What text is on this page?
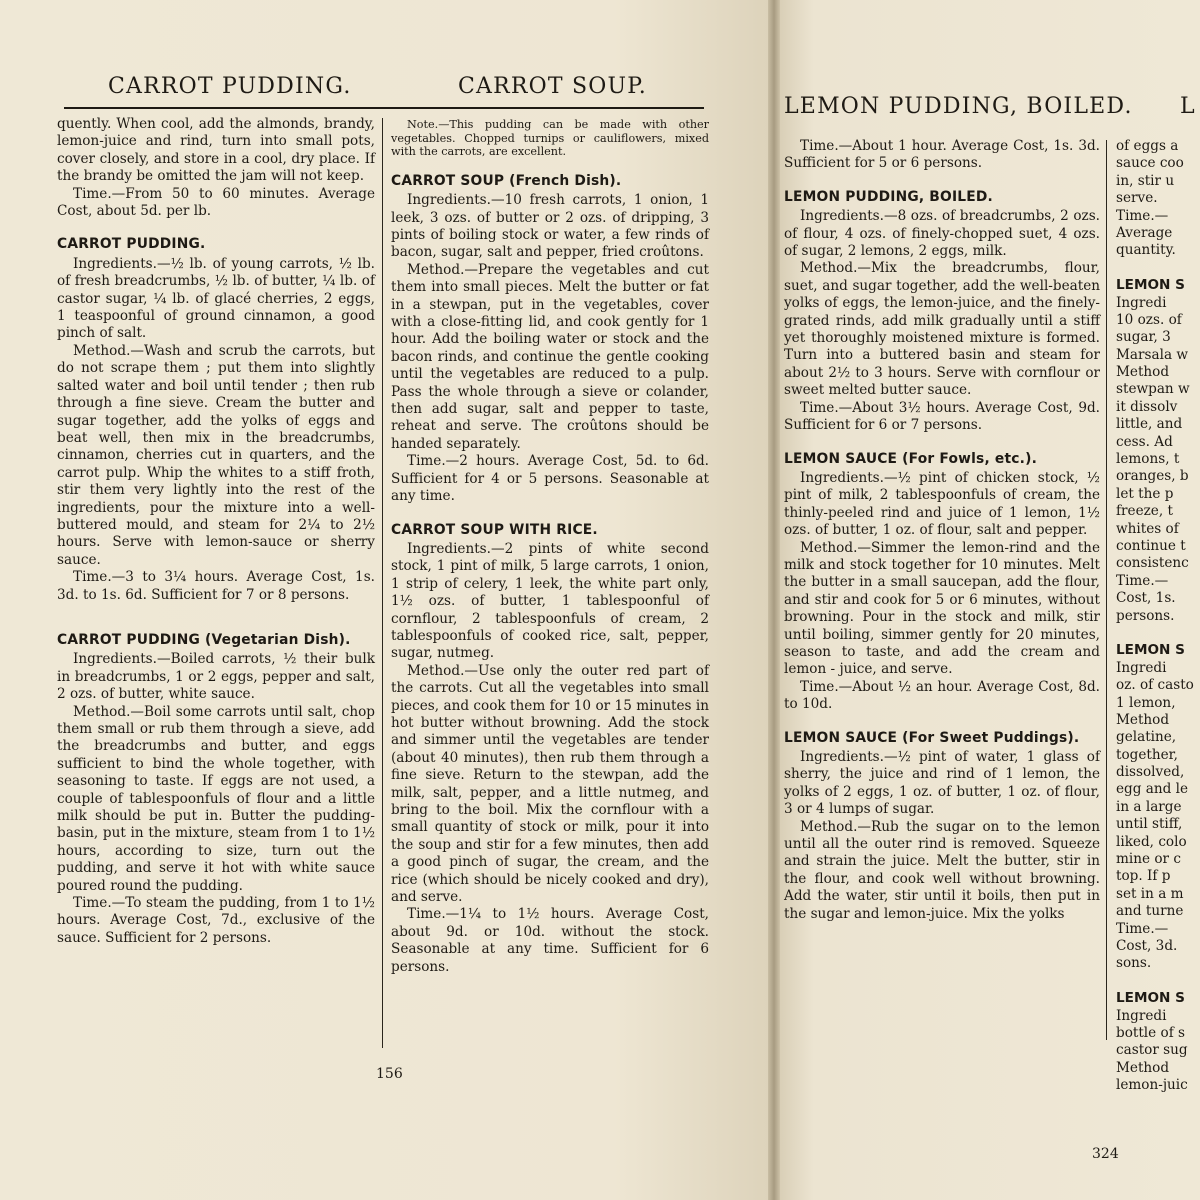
CARROT PUDDING.	CARROT SOUP.

quently. When cool, add the almonds, brandy, lemon-juice and rind, turn into small pots, cover closely, and store in a cool, dry place. If the brandy be omitted the jam will not keep.

Time.—From 50 to 60 minutes. Average Cost, about 5d. per lb.

CARROT PUDDING.

Ingredients.—½ lb. of young carrots, ½ lb. of fresh breadcrumbs, ½ lb. of butter, ¼ lb. of castor sugar, ¼ lb. of glacé cherries, 2 eggs, 1 teaspoonful of ground cinnamon, a good pinch of salt.

Method.—Wash and scrub the carrots, but do not scrape them ; put them into slightly salted water and boil until tender ; then rub through a fine sieve. Cream the butter and sugar together, add the yolks of eggs and beat well, then mix in the breadcrumbs, cinnamon, cherries cut in quarters, and the carrot pulp. Whip the whites to a stiff froth, stir them very lightly into the rest of the ingredients, pour the mixture into a well-buttered mould, and steam for 2¼ to 2½ hours. Serve with lemon-sauce or sherry sauce.

Time.—3 to 3¼ hours. Average Cost, 1s. 3d. to 1s. 6d. Sufficient for 7 or 8 persons.

CARROT PUDDING (Vegetarian Dish).

Ingredients.—Boiled carrots, ½ their bulk in breadcrumbs, 1 or 2 eggs, pepper and salt, 2 ozs. of butter, white sauce.

Method.—Boil some carrots until salt, chop them small or rub them through a sieve, add the breadcrumbs and butter, and eggs sufficient to bind the whole together, with seasoning to taste. If eggs are not used, a couple of tablespoonfuls of flour and a little milk should be put in. Butter the pudding-basin, put in the mixture, steam from 1 to 1½ hours, according to size, turn out the pudding, and serve it hot with white sauce poured round the pudding.

Time.—To steam the pudding, from 1 to 1½ hours. Average Cost, 7d., exclusive of the sauce. Sufficient for 2 persons.

Note.—This pudding can be made with other vegetables. Chopped turnips or cauliflowers, mixed with the carrots, are excellent.

CARROT SOUP (French Dish).

Ingredients.—10 fresh carrots, 1 onion, 1 leek, 3 ozs. of butter or 2 ozs. of dripping, 3 pints of boiling stock or water, a few rinds of bacon, sugar, salt and pepper, fried croûtons.

Method.—Prepare the vegetables and cut them into small pieces. Melt the butter or fat in a stewpan, put in the vegetables, cover with a close-fitting lid, and cook gently for 1 hour. Add the boiling water or stock and the bacon rinds, and continue the gentle cooking until the vegetables are reduced to a pulp. Pass the whole through a sieve or colander, then add sugar, salt and pepper to taste, reheat and serve. The croûtons should be handed separately.

Time.—2 hours. Average Cost, 5d. to 6d. Sufficient for 4 or 5 persons. Seasonable at any time.

CARROT SOUP WITH RICE.

Ingredients.—2 pints of white second stock, 1 pint of milk, 5 large carrots, 1 onion, 1 strip of celery, 1 leek, the white part only, 1½ ozs. of butter, 1 tablespoonful of cornflour, 2 tablespoonfuls of cream, 2 tablespoonfuls of cooked rice, salt, pepper, sugar, nutmeg.

Method.—Use only the outer red part of the carrots. Cut all the vegetables into small pieces, and cook them for 10 or 15 minutes in hot butter without browning. Add the stock and simmer until the vegetables are tender (about 40 minutes), then rub them through a fine sieve. Return to the stewpan, add the milk, salt, pepper, and a little nutmeg, and bring to the boil. Mix the cornflour with a small quantity of stock or milk, pour it into the soup and stir for a few minutes, then add a good pinch of sugar, the cream, and the rice (which should be nicely cooked and dry), and serve.

Time.—1¼ to 1½ hours. Average Cost, about 9d. or 10d. without the stock. Seasonable at any time. Sufficient for 6 persons.

156
LEMON PUDDING, BOILED. L

Time.—About 1 hour. Average Cost, 1s. 3d. Sufficient for 5 or 6 persons.

LEMON PUDDING, BOILED.

Ingredients.—8 ozs. of breadcrumbs, 2 ozs. of flour, 4 ozs. of finely-chopped suet, 4 ozs. of sugar, 2 lemons, 2 eggs, milk.

Method.—Mix the breadcrumbs, flour, suet, and sugar together, add the well-beaten yolks of eggs, the lemon-juice, and the finely-grated rinds, add milk gradually until a stiff yet thoroughly moistened mixture is formed. Turn into a buttered basin and steam for about 2½ to 3 hours. Serve with cornflour or sweet melted butter sauce.

Time.—About 3½ hours. Average Cost, 9d. Sufficient for 6 or 7 persons.

LEMON SAUCE (For Fowls, etc.).

Ingredients.—½ pint of chicken stock, ½ pint of milk, 2 tablespoonfuls of cream, the thinly-peeled rind and juice of 1 lemon, 1½ ozs. of butter, 1 oz. of flour, salt and pepper.

Method.—Simmer the lemon-rind and the milk and stock together for 10 minutes. Melt the butter in a small saucepan, add the flour, and stir and cook for 5 or 6 minutes, without browning. Pour in the stock and milk, stir until boiling, simmer gently for 20 minutes, season to taste, and add the cream and lemon - juice, and serve.

Time.—About ½ an hour. Average Cost, 8d. to 10d.

LEMON SAUCE (For Sweet Puddings).

Ingredients.—½ pint of water, 1 glass of sherry, the juice and rind of 1 lemon, the yolks of 2 eggs, 1 oz. of butter, 1 oz. of flour, 3 or 4 lumps of sugar.

Method.—Rub the sugar on to the lemon until all the outer rind is removed. Squeeze and strain the juice. Melt the butter, stir in the flour, and cook well without browning. Add the water, stir until it boils, then put in the sugar and lemon-juice. Mix the yolks

of eggs a
sauce coo
in, stir u
serve.
Time.—
Average
quantity.
LEMON S
Ingredi
10 ozs. of
sugar, 3
Marsala w
Method
stewpan w
it dissolv
little, and
cess. Ad
lemons, t
oranges, b
let the p
freeze, t
whites of
continue t
consistenc
Time.—
Cost, 1s.
persons.
LEMON S
Ingredi
oz. of casto
1 lemon,
Method
gelatine,
together,
dissolved,
egg and le
in a large
until stiff,
liked, colo
mine or c
top. If p
set in a m
and turne
Time.—
Cost, 3d.
sons.
LEMON S
Ingredi
bottle of s
castor sug
Method
lemon-juic
324
